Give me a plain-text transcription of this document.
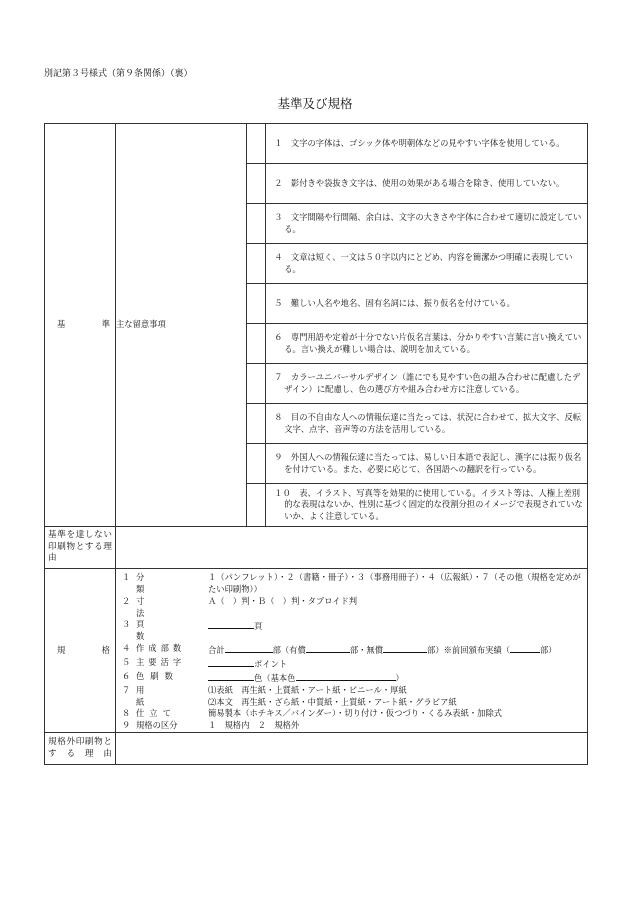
別記第３号様式（第９条関係）（裏）
基準及び規格
基	準	主な留意事項		
１　文字の字体は、ゴシック体や明朝体などの見やすい字体を使用している。

２　影付きや袋抜き文字は、使用の効果がある場合を除き、使用していない。

３　文字間隔や行間隔、余白は、文字の大きさや字体に合わせて適切に設定している。

４　文章は短く、一文は５０字以内にとどめ、内容を簡潔かつ明確に表現している。

５　難しい人名や地名、固有名詞には、振り仮名を付けている。

６　専門用語や定着が十分でない片仮名言葉は、分かりやすい言葉に言い換えている。言い換えが難しい場合は、説明を加えている。

７　カラーユニバーサルデザイン（誰にでも見やすい色の組み合わせに配慮したデザイン）に配慮し、色の選び方や組み合わせ方に注意している。

８　目の不自由な人への情報伝達に当たっては、状況に合わせて、拡大文字、反転文字、点字、音声等の方法を活用している。

９　外国人への情報伝達に当たっては、易しい日本語で表記し、漢字には振り仮名を付けている。また、必要に応じて、各国語への翻訳を行っている。

１０　表、イラスト、写真等を効果的に使用している。イラスト等は、人権上差別的な表現はないか、性別に基づく固定的な役割分担のイメージで表現されていないか、よく注意している。

基準を達しない印刷物とする理由

規	格

１	分類
	１（パンフレット）・２（書籍・冊子）・３（事務用冊子）・４（広報紙）・７（その他（規格を定めがたい印刷物））
２	寸法	Ａ（　）判・Ｂ（　）判・タブロイド判
３	頁数	頁
４	作成部数	合計	部（有償	部・無償	部）※前回頒布実績（	部）
５	主要活字	ポイント
６	色刷数	色（基本色	）
７	用紙	
⑴表紙　再生紙・上質紙・アート紙・ビニール・厚紙
⑵本文　再生紙・ざら紙・中質紙・上質紙・アート紙・グラビア紙

８	仕立て	簡易製本（ホチキス／バインダー）・切り付け・仮つづり・くるみ表紙・加除式
９	規格の区分	１　規格内　２　規格外

規格外印刷物とする理由
